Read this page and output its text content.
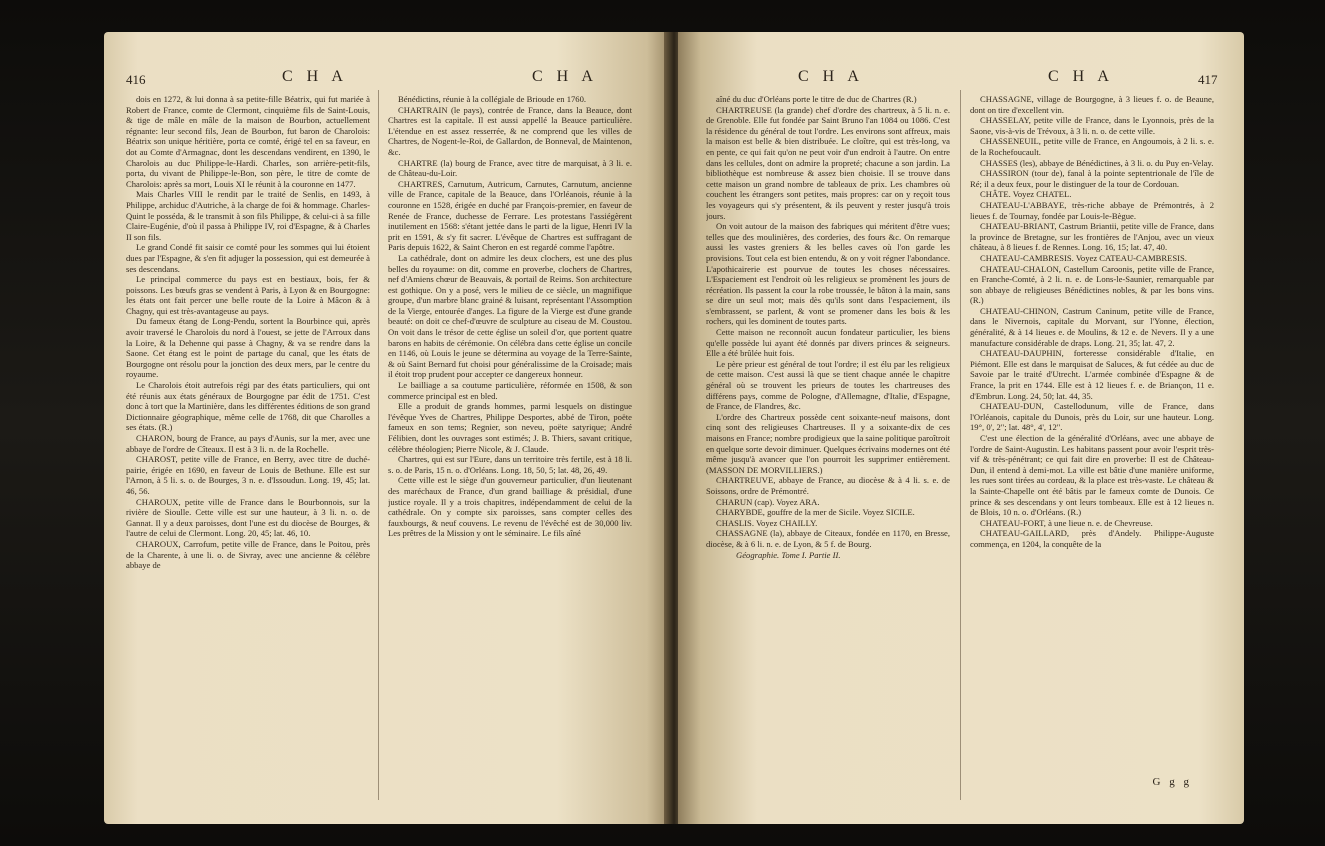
416	C H A	C H A

dois en 1272, & lui donna à sa petite-fille Béatrix, qui fut mariée à Robert de France, comte de Clermont, cinquième fils de Saint-Louis, & tige de mâle en mâle de la maison de Bourbon, actuellement régnante: leur second fils, Jean de Bourbon, fut baron de Charolois: Béatrix son unique héritière, porta ce comté, érigé tel en sa faveur, en dot au Comte d'Armagnac, dont les descendans vendirent, en 1390, le Charolois au duc Philippe-le-Hardi. Charles, son arrière-petit-fils, porta, du vivant de Philippe-le-Bon, son père, le titre de comte de Charolois: après sa mort, Louis XI le réunit à la couronne en 1477.

Mais Charles VIII le rendit par le traité de Senlis, en 1493, à Philippe, archiduc d'Autriche, à la charge de foi & hommage. Charles-Quint le posséda, & le transmit à son fils Philippe, & celui-ci à sa fille Claire-Eugénie, d'où il passa à Philippe IV, roi d'Espagne, & à Charles II son fils.

Le grand Condé fit saisir ce comté pour les sommes qui lui étoient dues par l'Espagne, & s'en fit adjuger la possession, qui est demeurée à ses descendans.

Le principal commerce du pays est en bestiaux, bois, fer & poissons. Les bœufs gras se vendent à Paris, à Lyon & en Bourgogne: les états ont fait percer une belle route de la Loire à Mâcon & à Chagny, qui est très-avantageuse au pays.

Du fameux étang de Long-Pendu, sortent la Bourbince qui, après avoir traversé le Charolois du nord à l'ouest, se jette de l'Arroux dans la Loire, & la Dehenne qui passe à Chagny, & va se rendre dans la Saone. Cet étang est le point de partage du canal, que les états de Bourgogne ont résolu pour la jonction des deux mers, par le centre du royaume.

Le Charolois étoit autrefois régi par des états particuliers, qui ont été réunis aux états généraux de Bourgogne par édit de 1751. C'est donc à tort que la Martinière, dans les différentes éditions de son grand Dictionnaire géographique, même celle de 1768, dit que Charolles a ses états. (R.)

CHARON, bourg de France, au pays d'Aunis, sur la mer, avec une abbaye de l'ordre de Cîteaux. Il est à 3 li. n. de la Rochelle.

CHAROST, petite ville de France, en Berry, avec titre de duché-pairie, érigée en 1690, en faveur de Louis de Bethune. Elle est sur l'Arnon, à 5 li. s. o. de Bourges, 3 n. e. d'Issoudun. Long. 19, 45; lat. 46, 56.

CHAROUX, petite ville de France dans le Bourbonnois, sur la rivière de Sioulle. Cette ville est sur une hauteur, à 3 li. n. o. de Gannat. Il y a deux paroisses, dont l'une est du diocèse de Bourges, & l'autre de celui de Clermont. Long. 20, 45; lat. 46, 10.

CHAROUX, Carrofum, petite ville de France, dans le Poitou, près de la Charente, à une li. o. de Sivray, avec une ancienne & célèbre abbaye de

Bénédictins, réunie à la collégiale de Brioude en 1760.

CHARTRAIN (le pays), contrée de France, dans la Beauce, dont Chartres est la capitale. Il est aussi appellé la Beauce particulière. L'étendue en est assez resserrée, & ne comprend que les villes de Chartres, de Nogent-le-Roi, de Gallardon, de Bonneval, de Maintenon, &c.

CHARTRE (la) bourg de France, avec titre de marquisat, à 3 li. e. de Château-du-Loir.

CHARTRES, Carnutum, Autricum, Carnutes, Carnutum, ancienne ville de France, capitale de la Beauce, dans l'Orléanois, réunie à la couronne en 1528, érigée en duché par François-premier, en faveur de Renée de France, duchesse de Ferrare. Les protestans l'assiégèrent inutilement en 1568: s'étant jettée dans le parti de la ligue, Henri IV la prit en 1591, & s'y fit sacrer. L'évêque de Chartres est suffragant de Paris depuis 1622, & Saint Cheron en est regardé comme l'apôtre.

La cathédrale, dont on admire les deux clochers, est une des plus belles du royaume: on dit, comme en proverbe, clochers de Chartres, nef d'Amiens chœur de Beauvais, & portail de Reims. Son architecture est gothique. On y a posé, vers le milieu de ce siècle, un magnifique groupe, d'un marbre blanc grainé & luisant, représentant l'Assomption de la Vierge, entourée d'anges. La figure de la Vierge est d'une grande beauté: on doit ce chef-d'œuvre de sculpture au ciseau de M. Coustou. On voit dans le trésor de cette église un soleil d'or, que portent quatre barons en habits de cérémonie. On célébra dans cette église un concile en 1146, où Louis le jeune se détermina au voyage de la Terre-Sainte, & où Saint Bernard fut choisi pour généralissime de la Croisade; mais il étoit trop prudent pour accepter ce dangereux honneur.

Le bailliage a sa coutume particulière, réformée en 1508, & son commerce principal est en bled.

Elle a produit de grands hommes, parmi lesquels on distingue l'évêque Yves de Chartres, Philippe Desportes, abbé de Tiron, poëte fameux en son tems; Regnier, son neveu, poëte satyrique; André Félibien, dont les ouvrages sont estimés; J. B. Thiers, savant critique, célèbre théologien; Pierre Nicole, & J. Claude.

Chartres, qui est sur l'Eure, dans un territoire très fertile, est à 18 li. s. o. de Paris, 15 n. o. d'Orléans. Long. 18, 50, 5; lat. 48, 26, 49.

Cette ville est le siège d'un gouverneur particulier, d'un lieutenant des maréchaux de France, d'un grand bailliage & présidial, d'une justice royale. Il y a trois chapitres, indépendamment de celui de la cathédrale. On y compte six paroisses, sans compter celles des fauxbourgs, & neuf couvens. Le revenu de l'évêché est de 30,000 liv. Les prêtres de la Mission y ont le séminaire. Le fils aîné

C H A	C H A	417

aîné du duc d'Orléans porte le titre de duc de Chartres (R.)

CHARTREUSE (la grande) chef d'ordre des chartreux, à 5 li. n. e. de Grenoble. Elle fut fondée par Saint Bruno l'an 1084 ou 1086. C'est la résidence du général de tout l'ordre. Les environs sont affreux, mais la maison est belle & bien distribuée. Le cloître, qui est très-long, va en pente, ce qui fait qu'on ne peut voir d'un endroit à l'autre. On entre dans les cellules, dont on admire la propreté; chacune a son jardin. La bibliothèque est nombreuse & assez bien choisie. Il se trouve dans cette maison un grand nombre de tableaux de prix. Les chambres où couchent les étrangers sont petites, mais propres: car on y reçoit tous les voyageurs qui s'y présentent, & ils peuvent y rester jusqu'à trois jours.

On voit autour de la maison des fabriques qui méritent d'être vues; telles que des moulinières, des corderies, des fours &c. On remarque aussi les vastes greniers & les belles caves où l'on garde les provisions. Tout cela est bien entendu, & on y voit régner l'abondance. L'apothicairerie est pourvue de toutes les choses nécessaires. L'Espaciement est l'endroit où les religieux se promènent les jours de récréation. Ils passent la cour la robe troussée, le bâton à la main, sans se dire un seul mot; mais dès qu'ils sont dans l'espaciement, ils s'embrassent, se parlent, & vont se promener dans les bois & les rochers, qui les dominent de toutes parts.

Cette maison ne reconnoît aucun fondateur particulier, les biens qu'elle possède lui ayant été donnés par divers princes & seigneurs. Elle a été brûlée huit fois.

Le père prieur est général de tout l'ordre; il est élu par les religieux de cette maison. C'est aussi là que se tient chaque année le chapitre général où se trouvent les prieurs de toutes les chartreuses des différens pays, comme de Pologne, d'Allemagne, d'Italie, d'Espagne, de France, de Flandres, &c.

L'ordre des Chartreux possède cent soixante-neuf maisons, dont cinq sont des religieuses Chartreuses. Il y a soixante-dix de ces maisons en France; nombre prodigieux que la saine politique paroîtroit en quelque sorte devoir diminuer. Quelques écrivains modernes ont été même jusqu'à avancer que l'on pourroit les supprimer entièrement. (MASSON DE MORVILLIERS.)

CHARTREUVE, abbaye de France, au diocèse & à 4 li. s. e. de Soissons, ordre de Prémontré.

CHARUN (cap). Voyez ARA.

CHARYBDE, gouffre de la mer de Sicile. Voyez SICILE.

CHASLIS. Voyez CHAILLY.

CHASSAGNE (la), abbaye de Citeaux, fondée en 1170, en Bresse, diocèse, & à 6 li. n. e. de Lyon, & 5 f. de Bourg.

Géographie. Tome I. Partie II.

CHASSAGNE, village de Bourgogne, à 3 lieues f. o. de Beaune, dont on tire d'excellent vin.

CHASSELAY, petite ville de France, dans le Lyonnois, près de la Saone, vis-à-vis de Trévoux, à 3 li. n. o. de cette ville.

CHASSENEUIL, petite ville de France, en Angoumois, à 2 li. s. e. de la Rochefoucault.

CHASSES (les), abbaye de Bénédictines, à 3 li. o. du Puy en-Velay.

CHASSIRON (tour de), fanal à la pointe septentrionale de l'île de Ré; il a deux feux, pour le distinguer de la tour de Cordouan.

CHÂTE. Voyez CHATEL.

CHATEAU-L'ABBAYE, très-riche abbaye de Prémontrés, à 2 lieues f. de Tournay, fondée par Louis-le-Bègue.

CHATEAU-BRIANT, Castrum Briantii, petite ville de France, dans la province de Bretagne, sur les frontières de l'Anjou, avec un vieux château, à 8 lieues f. de Rennes. Long. 16, 15; lat. 47, 40.

CHATEAU-CAMBRESIS. Voyez CATEAU-CAMBRESIS.

CHATEAU-CHALON, Castellum Caroonis, petite ville de France, en Franche-Comté, à 2 li. n. e. de Lons-le-Saunier, remarquable par son abbaye de religieuses Bénédictines nobles, & par les bons vins. (R.)

CHATEAU-CHINON, Castrum Caninum, petite ville de France, dans le Nivernois, capitale du Morvant, sur l'Yonne, élection, généralité, & à 14 lieues e. de Moulins, & 12 e. de Nevers. Il y a une manufacture considérable de draps. Long. 21, 35; lat. 47, 2.

CHATEAU-DAUPHIN, forteresse considérable d'Italie, en Piémont. Elle est dans le marquisat de Saluces, & fut cédée au duc de Savoie par le traité d'Utrecht. L'armée combinée d'Espagne & de France, la prit en 1744. Elle est à 12 lieues f. e. de Briançon, 11 e. d'Embrun. Long. 24, 50; lat. 44, 35.

CHATEAU-DUN, Castellodunum, ville de France, dans l'Orléanois, capitale du Dunois, près du Loir, sur une hauteur. Long. 19°, 0', 2"; lat. 48°, 4', 12".

C'est une élection de la généralité d'Orléans, avec une abbaye de l'ordre de Saint-Augustin. Les habitans passent pour avoir l'esprit très-vif & très-pénétrant; ce qui fait dire en proverbe: Il est de Château-Dun, il entend à demi-mot. La ville est bâtie d'une manière uniforme, les rues sont tirées au cordeau, & la place est très-vaste. Le château & la Sainte-Chapelle ont été bâtis par le fameux comte de Dunois. Ce prince & ses descendans y ont leurs tombeaux. Elle est à 12 lieues n. de Blois, 10 n. o. d'Orléans. (R.)

CHATEAU-FORT, à une lieue n. e. de Chevreuse.

CHATEAU-GAILLARD, près d'Andely. Philippe-Auguste commença, en 1204, la conquête de la

G g g
